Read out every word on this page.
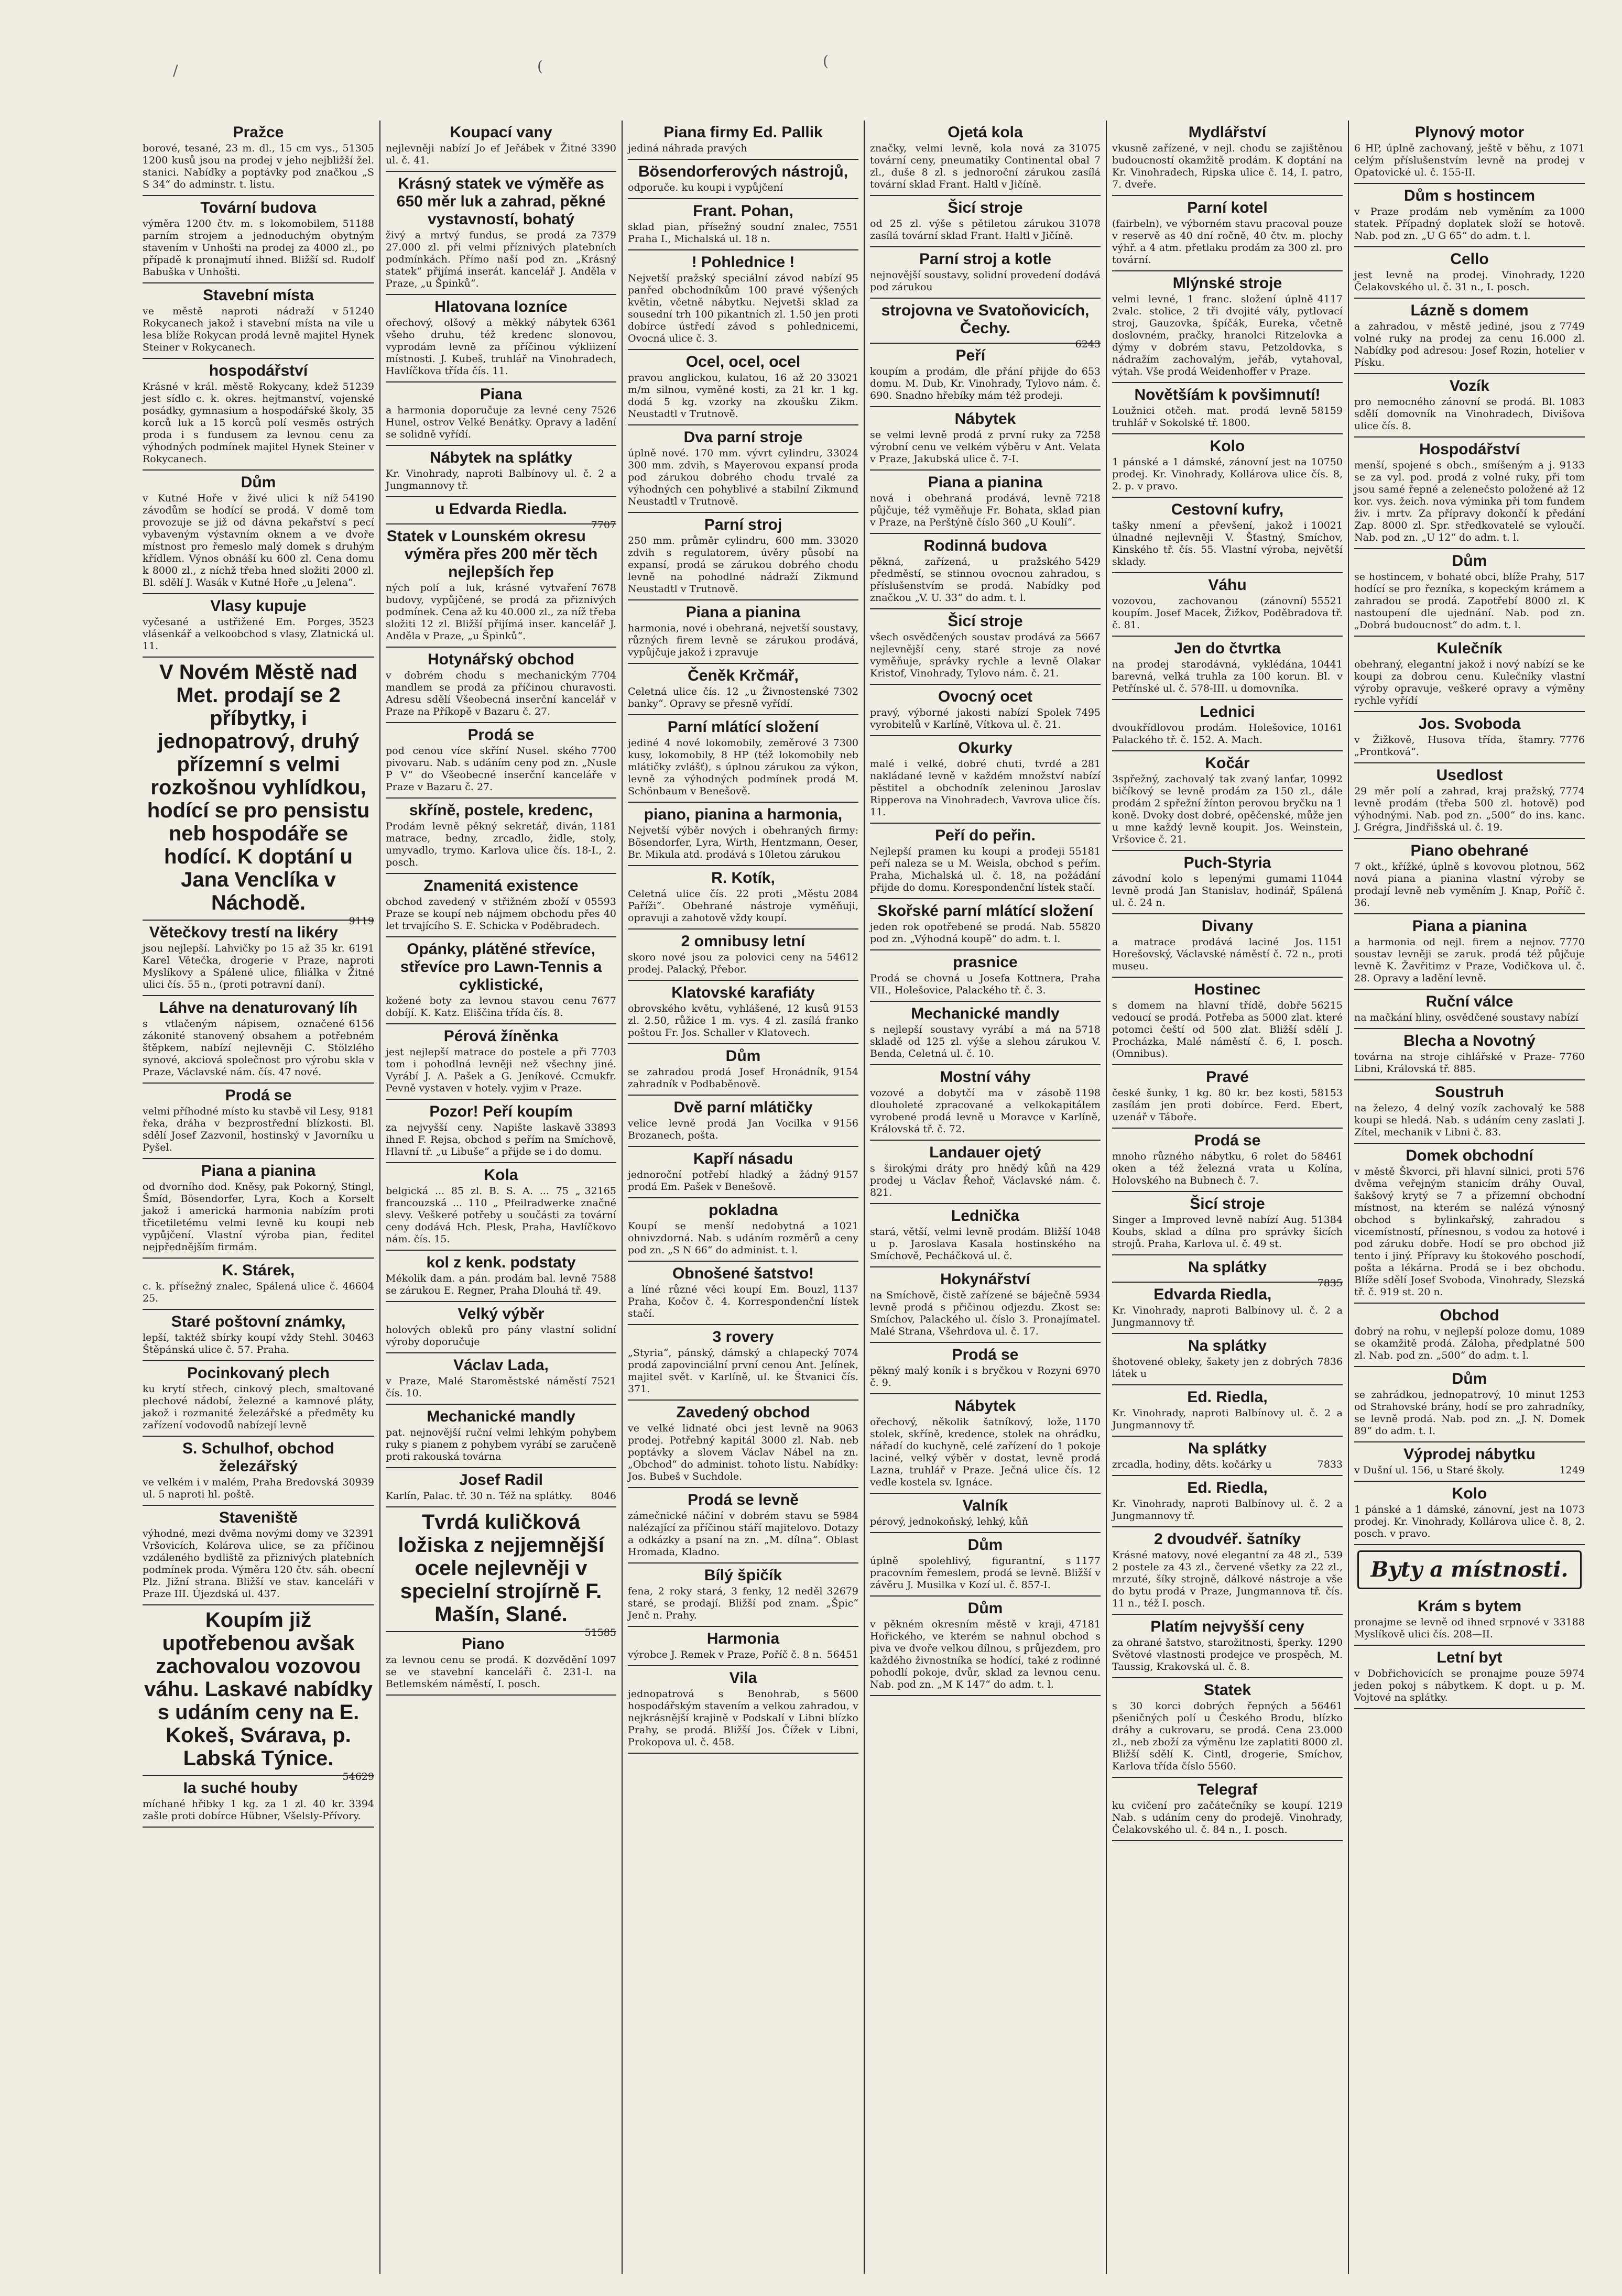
/	(	(
Pražce
51305
borové, tesané, 23 m. dl., 15 cm vys., 1200 kusů jsou na prodej v jeho nejbližší žel. stanici. Nabídky a poptávky pod značkou „S S 34“ do adminstr. t. listu.
Tovární budova
51188
výměra 1200 čtv. m. s lokomobilem, parním strojem a jednoduchým obytným stavením v Unhošti na prodej za 4000 zl., po případě k pronajmutí ihned. Bližší sd. Rudolf Babuška v Unhošti.
Stavební místa
51240
ve městě naproti nádraží v Rokycanech jakož i stavební místa na vile u lesa blíže Rokycan prodá levně majitel Hynek Steiner v Rokycanech.
hospodářství
51239
Krásné v král. městě Rokycany, kdež jest sídlo c. k. okres. hejtmanství, vojenské posádky, gymnasium a hospodářské školy, 35 korců luk a 15 korců polí vesměs ostrých proda i s fundusem za levnou cenu za výhodných podmínek majitel Hynek Steiner v Rokycanech.
Dům
54190
v Kutné Hoře v živé ulici k níž závodům se hodící se prodá. V domě tom provozuje se již od dávna pekařství s pecí vybaveným výstavním oknem a ve dvoře místnost pro řemeslo malý domek s druhým křídlem. Výnos obnáší ku 600 zl. Cena domu k 8000 zl., z níchž třeba hned složiti 2000 zl. Bl. sdělí J. Wasák v Kutné Hoře „u Jelena“.
Vlasy kupuje
3523
vyčesané a ustřižené Em. Porges, vlásenkář a velkoobchod s vlasy, Zlatnická ul. 11.
V Novém Městě nad Met. prodají se 2 příbytky, i jednopatrový, druhý přízemní s velmi rozkošnou vyhlídkou, hodící se pro pensistu neb hospodáře se hodící. K doptání u Jana Venclíka v Náchodě.
9119
Větečkovy trestí na likéry
6191
jsou nejlepší. Lahvičky po 15 až 35 kr. Karel Větečka, drogerie v Praze, naproti Myslíkovy a Spálené ulice, filiálka v Žitné ulici čís. 55 n., (proti potravní daní).
Láhve na denaturovaný líh
6156
s vtlačeným nápisem, označené zákonité stanovený obsahem a potřebném štěpkem, nabízí nejlevněji C. Stölzlého synové, akciová společnost pro výrobu skla v Praze, Václavské nám. čís. 47 nové.
Prodá se
9181
velmi příhodné místo ku stavbě vil Lesy, řeka, dráha v bezprostřední blízkosti. Bl. sdělí Josef Zazvonil, hostinský v Javorníku u Pyšel.
Piana a pianina
od dvorního dod. Kněsy, pak Pokorný, Stingl, Šmíd, Bösendorfer, Lyra, Koch a Korselt jakož i americká harmonia nabízím proti třicetiletému velmi levně ku koupi neb vypůjčení. Vlastní výroba pian, ředitel nejpřednějším firmám.
K. Stárek,
46604
c. k. přísežný znalec, Spálená ulice č. 25.
Staré poštovní známky,
30463
lepší, taktéž sbírky koupí vždy Stehl. Štěpánská ulice č. 57. Praha.
Pocinkovaný plech
ku krytí střech, cinkový plech, smaltované plechové nádobí, železné a kamnové pláty, jakož i rozmanité železářské a předměty ku zařízení vodovodů nabízejí levně
S. Schulhof, obchod železářský
30939
ve velkém i v malém, Praha Bredovská ul. 5 naproti hl. poště.
Staveniště
32391
výhodné, mezi dvěma novými domy ve Vršovicích, Kolárova ulice, se za příčinou vzdáleného bydliště za přiznivých platebních podmínek proda. Výměra 120 čtv. sáh. obecní Plz. Jižní strana. Bližší ve stav. kanceláři v Praze III. Újezdská ul. 437.
Koupím již upotřebenou avšak zachovalou vozovou váhu. Laskavé nabídky s udáním ceny na E. Kokeš, Svárava, p. Labská Týnice.
54629
Ia suché houby
3394
míchané hřibky 1 kg. za 1 zl. 40 kr. zašle proti dobírce Hübner, Všelsly-Přívory.
Koupací vany
3390
nejlevněji nabízí Jo ef Jeřábek v Žitné ul. č. 41.
Krásný statek ve výměře as 650 měr luk a zahrad, pěkné vystavností, bohatý
7379
živý a mrtvý fundus, se prodá za 27.000 zl. při velmi příznivých platebních podmínkách. Přímo naší pod zn. „Krásný statek“ přijímá inserát. kancelář J. Anděla v Praze, „u Špinků“.
Hlatovana lozníce
6361
ořechový, olšový a měkký nábytek všeho druhu, též kredenc slonovou, vyprodám levně za příčinou výkliizení místnosti. J. Kubeš, truhlář na Vinohradech, Havlíčkova třída čís. 11.
Piana
7526
a harmonia doporučuje za levné ceny Hunel, ostrov Velké Benátky. Opravy a ladění se solidně vyřídí.
Nábytek na splátky
Kr. Vinohrady, naproti Balbínovy ul. č. 2 a Jungmannovy tř.
u Edvarda Riedla.
7707
Statek v Lounském okresu výměra přes 200 měr těch nejlepších řep
7678
ných polí a luk, krásné vytvaření budovy, vypůjčené, se prodá za přiznivých podmínek. Cena až ku 40.000 zl., za níž třeba složiti 12 zl. Bližší přijímá inser. kancelář J. Anděla v Praze, „u Špinků“.
Hotynářský obchod
7704
v dobrém chodu s mechanickým mandlem se prodá za příčinou churavosti. Adresu sdělí Všeobecná inserční kancelář v Praze na Příkopě v Bazaru č. 27.
Prodá se
7700
pod cenou více skříní Nusel. ského pivovaru. Nab. s udáním ceny pod zn. „Nusle P V“ do Všeobecné inserční kanceláře v Praze v Bazaru č. 27.
skříně, postele, kredenc,
1181
Prodám levně pěkný sekretář, diván, matrace, bedny, zrcadlo, židle, stoly, umyvadlo, trymo. Karlova ulice čís. 18-I., 2. posch.
Znamenitá existence
05593
obchod zavedený v střižném zboží v Praze se koupí neb nájmem obchodu přes 40 let trvajícího S. E. Schicka v Poděbradech.
Opánky, plátěné střevíce, střevíce pro Lawn-Tennis a cyklistické,
7677
kožené boty za levnou stavou cenu dobíjí. K. Katz. Eliščina třída čís. 8.
Pérová žíněnka
7703
jest nejlepší matrace do postele a při tom i pohodlná levněji než všechny jiné. Vyrábí J. A. Pašek a G. Jeníkové. Ccmukfr. Pevně vystaven v hotely. vyjim v Praze.
Pozor! Peří koupím
33893
za nejvyšší ceny. Napište laskavě ihned F. Rejsa, obchod s peřím na Smíchově, Hlavní tř. „u Libuše“ a přijde se i do domu.
Kola
32165
belgická ... 85 zl. B. S. A. ... 75 „ francouzská ... 110 „ Pfeilradwerke značné slevy. Veškeré potřeby u součásti za tovární ceny dodává Hch. Plesk, Praha, Havlíčkovo nám. čís. 15.
kol z kenk. podstaty
7588
Mékolik dam. a pán. prodám bal. levně se zárukou E. Regner, Praha Dlouhá tř. 49.
Velký výběr
holových obleků pro pány vlastní solidní výroby doporučuje
Václav Lada,
7521
v Praze, Malé Staroměstské náměstí čís. 10.
Mechanické mandly
pat. nejnovější ruční velmi lehkým pohybem ruky s pianem z pohybem vyrábí se zaručeně proti rakouská továrna
Josef Radil
8046
Karlín, Palac. tř. 30 n. Též na splátky.
Tvrdá kuličková ložiska z nejjemnější ocele nejlevněji v specielní strojírně F. Mašín, Slané.
51585
Piano
1097
za levnou cenu se prodá. K dozvědění se ve stavební kanceláři č. 231-I. na Betlemském náměstí, I. posch.
Piana firmy Ed. Pallik
jediná náhrada pravých
Bösendorferových nástrojů,
odporuče. ku koupi i vypůjčení
Frant. Pohan,
7551
sklad pian, přísežný soudní znalec, Praha I., Michalská ul. 18 n.
! Pohlednice !
95
Nejvetší pražský speciální závod nabízí panřed obchodníkům 100 pravé výšených květin, včetně nábytku. Nejvetši sklad za sousední trh 100 pikantních zl. 1.50 jen proti dobírce ústředí závod s pohlednicemi, Ovocná ulice č. 3.
Ocel, ocel, ocel
33021
pravou anglickou, kulatou, 16 až 20 m/m silnou, vyměné kosti, za 21 kr. 1 kg. dodá 5 kg. vzorky na zkoušku Zikm. Neustadtl v Trutnově.
Dva parní stroje
33024
úplně nové. 170 mm. vývrt cylindru, 300 mm. zdvih, s Mayerovou expansí proda pod zárukou dobrého chodu trvalé za výhodných cen pohyblivé a stabilní Zikmund Neustadtl v Trutnově.
Parní stroj
33020
250 mm. průměr cylindru, 600 mm. zdvih s regulatorem, úvěry působí na expansí, prodá se zárukou dobrého chodu levně na pohodlné nádraží Zikmund Neustadtl v Trutnově.
Piana a pianina
harmonia, nové i obehraná, nejvetší soustavy, různých firem levně se zárukou prodává, vypůjčuje jakož i zpravuje
Čeněk Krčmář,
7302
Celetná ulice čís. 12 „u Živnostenské banky“. Opravy se přesně vyřídí.
Parní mlátící složení
7300
jediné 4 nové lokomobily, zeměrové 3 kusy, lokomobily, 8 HP (též lokomobily neb mlátičky zvlášť), s úplnou zárukou za výkon, levně za výhodných podmínek prodá M. Schönbaum v Benešově.
piano, pianina a harmonia,
Nejvetší výběr nových i obehraných firmy: Bösendorfer, Lyra, Wirth, Hentzmann, Oeser, Br. Mikula atd. prodává s 10letou zárukou
R. Kotík,
2084
Celetná ulice čís. 22 proti „Městu Paříži“. Obehrané nástroje vyměňuji, opravuji a zahotově vždy koupí.
2 omnibusy letní
54612
skoro nové jsou za polovici ceny na prodej. Palacký, Přebor.
Klatovské karafiáty
9153
obrovského květu, vyhlášené, 12 kusů zl. 2.50, růžice 1 m. vys. 4 zl. zasílá franko poštou Fr. Jos. Schaller v Klatovech.
Dům
9154
se zahradou prodá Josef Hronádník, zahradník v Podbaběnově.
Dvě parní mlátičky
9156
velice levně prodá Jan Vocilka v Brozanech, pošta.
Kapří násadu
9157
jednoroční potřebí hladký a žádný prodá Em. Pašek v Benešově.
pokladna
1021
Koupí se menší nedobytná a ohnivzdorná. Nab. s udáním rozměrů a ceny pod zn. „S N 66“ do administ. t. l.
Obnošené šatstvo!
1137
a líné různé věci koupí Em. Bouzl, Praha, Kočov č. 4. Korrespondenční lístek stačí.
3 rovery
7074
„Styria“, pánský, dámský a chlapecký prodá zapovinciální první cenou Ant. Jelínek, majitel svět. v Karlíně, ul. ke Štvanici čís. 371.
Zavedený obchod
9063
ve velké lidnaté obci jest levně na prodej. Potřebný kapitál 3000 zl. Nab. neb poptávky a slovem Václav Nábel na zn. „Obchod“ do administ. tohoto listu. Nabídky: Jos. Bubeš v Suchdole.
Prodá se levně
5984
zámečnické náčiní v dobrém stavu se nalézající za příčinou stáří majitelovo. Dotazy a odkázky a psaní na zn. „M. dílna“. Oblast Hromada, Kladno.
Bílý špičík
32679
fena, 2 roky stará, 3 fenky, 12 neděl staré, se prodají. Bližší pod znam. „Špic“ Jenč n. Prahy.
Harmonia
56451
výrobce J. Remek v Praze, Poříč č. 8 n.
Vila
5600
jednopatrová s Benohrab, s hospodářským stavením a velkou zahradou, v nejkrásnější krajině v Podskalí v Libni blízko Prahy, se prodá. Bližší Jos. Čížek v Libni, Prokopova ul. č. 458.
Ojetá kola
31075
značky, velmi levně, kola nová za tovární ceny, pneumatiky Continental obal 7 zl., duše 8 zl. s jednoroční zárukou zasílá tovární sklad Frant. Haltl v Jičíně.
Šicí stroje
31078
od 25 zl. výše s pětiletou zárukou zasílá tovární sklad Frant. Haltl v Jičíně.
Parní stroj a kotle
nejnovější soustavy, solidní provedení dodává pod zárukou
strojovna ve Svatoňovicích, Čechy.
6243
Peří
653
koupím a prodám, dle přání přijde do domu. M. Dub, Kr. Vinohrady, Tylovo nám. č. 690. Snadno hřebíky mám též prodeji.
Nábytek
7258
se velmi levně prodá z první ruky za výrobní cenu ve velkém výběru v Ant. Velata v Praze, Jakubská ulice č. 7-I.
Piana a pianina
7218
nová i obehraná prodává, levně půjčuje, též vyměňuje Fr. Bohata, sklad pian v Praze, na Perštýně číslo 360 „U Koulí“.
Rodinná budova
5429
pěkná, zařízená, u pražského předměstí, se stinnou ovocnou zahradou, s příslušenstvím se prodá. Nabídky pod značkou „V. U. 33“ do adm. t. l.
Šicí stroje
5667
všech osvědčených soustav prodává za nejlevnější ceny, staré stroje za nové vyměňuje, správky rychle a levně Olakar Kristof, Vinohrady, Tylovo nám. č. 21.
Ovocný ocet
7495
pravý, výborné jakosti nabízí Spolek vyrobitelů v Karlíně, Vítkova ul. č. 21.
Okurky
281
malé i velké, dobré chuti, tvrdé a nakládané levně v každém množství nabízí pěstitel a obchodník zeleninou Jaroslav Ripperova na Vinohradech, Vavrova ulice čís. 11.
Peří do peřin.
55181
Nejlepší pramen ku koupi a prodeji peří naleza se u M. Weisla, obchod s peřím. Praha, Michalská ul. č. 18, na požádání přijde do domu. Korespondenční lístek stačí.
Skořské parní mlátící složení
55820
jeden rok opotřebené se prodá. Nab. pod zn. „Výhodná koupě“ do adm. t. l.
prasnice
Prodá se chovná u Josefa Kottnera, Praha VII., Holešovice, Palackého tř. č. 3.
Mechanické mandly
5718
s nejlepší soustavy vyrábí a má na skladě od 125 zl. výše a slehou zárukou V. Benda, Celetná ul. č. 10.
Mostní váhy
1198
vozové a dobytčí ma v zásobě dlouholeté zpracované a velkokapitálem vyrobené prodá levně u Moravce v Karlíně, Královská tř. č. 72.
Landauer ojetý
429
s širokými dráty pro hnědý kůň na prodej u Václav Řehoř, Václavské nám. č. 821.
Lednička
1048
stará, větší, velmi levně prodám. Bližší u p. Jaroslava Kasala hostinského na Smíchově, Pecháčková ul. č.
Hokynářství
5934
na Smíchově, čistě zařízené se báječně levně prodá s přičinou odjezdu. Zkost se: Smíchov, Palackého ul. číslo 3. Pronajímatel. Malé Strana, Všehrdova ul. č. 17.
Prodá se
6970
pěkný malý koník i s bryčkou v Rozyni č. 9.
Nábytek
1170
ořechový, několik šatníkový, lože, stolek, skříně, kredence, stolek na ohrádku, nářadí do kuchyně, celé zařízení do 1 pokoje laciné, velký výběr v dostat, levně prodá Lazna, truhlář v Praze. Ječná ulice čís. 12 vedle kostela sv. Ignáce.
Valník
pérový, jednokoňský, lehký, kůň
Dům
1177
úplně spolehlivý, figurantní, s pracovním řemeslem, prodá se levně. Bližší v závěru J. Musilka v Kozí ul. č. 857-I.
Dům
47181
v pěkném okresním městě v kraji, Hořického, ve kterém se nahnul obchod s piva ve dvoře velkou dílnou, s průjezdem, pro každého živnostníka se hodící, také z rodinné pohodlí pokoje, dvůr, sklad za levnou cenu. Nab. pod zn. „M K 147“ do adm. t. l.
Mydlářství
vkusně zařízené, v nejl. chodu se zajištěnou budoucností okamžitě prodám. K doptání na Kr. Vinohradech, Ripska ulice č. 14, I. patro, 7. dveře.
Parní kotel
(fairbeln), ve výborném stavu pracoval pouze v reservě as 40 dní ročně, 40 čtv. m. plochy výhř. a 4 atm. přetlaku prodám za 300 zl. pro tovární.
Mlýnské stroje
4117
velmi levné, 1 franc. složení úplně 2valc. stolice, 2 tři dvojité vály, pytlovací stroj, Gauzovka, špíčák, Eureka, včetně doslovném, pračky, hranolci Ritzelovka a dýmy v dobrém stavu, Petzoldovka, s nádražím zachovalým, jeřáb, vytahoval, výtah. Vše prodá Weidenhoffer v Praze.
Novětšíám k povšimnutí!
58159
Loužnici otčeh. mat. prodá levně truhlář v Sokolské tř. 1800.
Kolo
10750
1 pánské a 1 dámské, zánovní jest na prodej. Kr. Vinohrady, Kollárova ulice čís. 8, 2. p. v pravo.
Cestovní kufry,
10021
tašky nmení a převšení, jakož i úlnadné nejlevněji V. Šťastný, Smíchov, Kinského tř. čís. 55. Vlastní výroba, největší sklady.
Váhu
55521
vozovou, zachovanou (zánovní) koupím. Josef Macek, Žižkov, Poděbradova tř. č. 81.
Jen do čtvrtka
10441
na prodej starodávná, vyklédána, barevná, velká truhla za 100 korun. Bl. v Petřínské ul. č. 578-III. u domovníka.
Lednici
10161
dvoukřídlovou prodám. Holešovice, Palackého tř. č. 152. A. Mach.
Kočár
10992
3spřežný, zachovalý tak zvaný lanťar, bičíkový se levně prodám za 150 zl., dále prodám 2 spřežní žínton perovou bryčku na 1 koně. Dvoky dost dobré, opěčenské, může jen u mne každý levně koupit. Jos. Weinstein, Vršovice č. 21.
Puch-Styria
11044
závodní kolo s lepenými gumami levně prodá Jan Stanislav, hodinář, Spálená ul. č. 24 n.
Divany
1151
a matrace prodává laciné Jos. Horešovský, Václavské náměstí č. 72 n., proti museu.
Hostinec
56215
s domem na hlavní třídě, dobře vedoucí se prodá. Potřeba as 5000 zlat. které potomci čeští od 500 zlat. Bližší sdělí J. Procházka, Malé náměstí č. 6, I. posch. (Omnibus).
Pravé
58153
české šunky, 1 kg. 80 kr. bez kosti, zasílám jen proti dobírce. Ferd. Ebert, uzenář v Táboře.
Prodá se
58461
mnoho různého nábytku, 6 rolet do oken a též železná vrata u Kolína, Holovského na Bubnech č. 7.
Šicí stroje
51384
Singer a Improved levně nabízí Aug. Koubs, sklad a dílna pro správky šicích strojů. Praha, Karlova ul. č. 49 st.
Na splátky
7835
Edvarda Riedla,
Kr. Vinohrady, naproti Balbínovy ul. č. 2 a Jungmannovy tř.
Na splátky
7836
šhotovené obleky, šakety jen z dobrých látek u
Ed. Riedla,
Kr. Vinohrady, naproti Balbínovy ul. č. 2 a Jungmannovy tř.
Na splátky
7833
zrcadla, hodiny, děts. kočárky u
Ed. Riedla,
Kr. Vinohrady, naproti Balbínovy ul. č. 2 a Jungmannovy tř.
2 dvoudvéř. šatníky
539
Krásné matovy, nové elegantní za 48 zl., 2 postele za 43 zl., červené všetky za 22 zl., mrzuté, šíky strojně, dálkové nástroje a vše do bytu prodá v Praze, Jungmannova tř. čís. 11 n., též I. posch.
Platím nejvyšší ceny
1290
za ohrané šatstvo, starožitnosti, šperky. Světové vlastnosti prodejce ve prospěch, M. Taussig, Krakovská ul. č. 8.
Statek
56461
s 30 korci dobrých řepných a pšeničných polí u Českého Brodu, blízko dráhy a cukrovaru, se prodá. Cena 23.000 zl., neb zboží za výměnu lze zaplatiti 8000 zl. Bližší sdělí K. Cintl, drogerie, Smíchov, Karlova třída číslo 5560.
Telegraf
1219
ku cvičení pro začátečníky se koupí. Nab. s udáním ceny do prodejě. Vinohrady, Čelakovského ul. č. 84 n., I. posch.
Plynový motor
1071
6 HP, úplně zachovaný, ještě v běhu, z celým příslušenstvím levně na prodej v Opatovické ul. č. 155-II.
Dům s hostincem
1000
v Praze prodám neb vyměním za statek. Případný doplatek složí se hotově. Nab. pod zn. „U G 65“ do adm. t. l.
Cello
1220
jest levně na prodej. Vinohrady, Čelakovského ul. č. 31 n., I. posch.
Lázně s domem
7749
a zahradou, v městě jediné, jsou z volné ruky na prodej za cenu 16.000 zl. Nabídky pod adresou: Josef Rozin, hotelier v Písku.
Vozík
1083
pro nemocného zánovní se prodá. Bl. sdělí domovník na Vinohradech, Divišova ulice čís. 8.
Hospodářství
9133
menší, spojené s obch., smíšeným a j. se za vyl. pod. prodá z volné ruky, při tom jsou samé řepné a zelenečsto položené až 12 kor. vys. žeich. nova výminka při tom fundem živ. i mrtv. Za přípravy dokončí k předání Zap. 8000 zl. Spr. středkovatelé se vyloučí. Nab. pod zn. „U 12“ do adm. t. l.
Dům
517
se hostincem, v bohaté obci, blíže Prahy, hodící se pro řezníka, s kopeckým krámem a zahradou se prodá. Zapotřebí 8000 zl. K nastoupení dle ujednání. Nab. pod zn. „Dobrá budoucnost“ do adm. t. l.
Kulečník
obehraný, elegantní jakož i nový nabízí se ke koupi za dobrou cenu. Kulečníky vlastní výroby opravuje, veškeré opravy a výměny rychle vyřídí
Jos. Svoboda
7776
v Žižkově, Husova třída, štamry. „Prontková“.
Usedlost
7774
29 měr polí a zahrad, kraj pražský, levně prodám (třeba 500 zl. hotově) pod výhodnými. Nab. pod zn. „500“ do ins. kanc. J. Grégra, Jindřišská ul. č. 19.
Piano obehrané
562
7 okt., křížké, úplně s kovovou plotnou, nová piana a pianina vlastní výroby se prodají levně neb vyměním J. Knap, Poříč č. 36.
Piana a pianina
7770
a harmonia od nejl. firem a nejnov. soustav levněji se zaruk. prodá též půjčuje levně K. Žavřitimz v Praze, Vodičkova ul. č. 28. Opravy a ladění levně.
Ruční válce
na mačkání hliny, osvědčené soustavy nabízí
Blecha a Novotný
7760
továrna na stroje cihlářské v Praze-Libni, Královská tř. 885.
Soustruh
588
na železo, 4 delný vozík zachovalý ke koupi se hledá. Nab. s udáním ceny zaslati J. Zítel, mechanik v Libni č. 83.
Domek obchodní
576
v městě Škvorci, při hlavní silnici, proti dvěma veřejným stanicím dráhy Ouval, šakšový krytý se 7 a přízemní obchodní místnost, na kterém se nalézá výnosný obchod s bylinkařský, zahradou s vicemístností, přínesnou, s vodou za hotové i pod záruku dobře. Hodí se pro obchod již tento i jiný. Přípravy ku štokového poschodí, pošta a lékárna. Prodá se i bez obchodu. Blíže sdělí Josef Svoboda, Vinohrady, Slezská tř. č. 919 st. 20 n.
Obchod
1089
dobrý na rohu, v nejlepší poloze domu, se okamžitě prodá. Záloha, předplatné 500 zl. Nab. pod zn. „500“ do adm. t. l.
Dům
1253
se zahrádkou, jednopatrový, 10 minut od Strahovské brány, hodí se pro zahradníky, se levně prodá. Nab. pod zn. „J. N. Domek 89“ do adm. t. l.
Výprodej nábytku
1249
v Dušní ul. 156, u Staré školy.
Kolo
1073
1 pánské a 1 dámské, zánovní, jest na prodej. Kr. Vinohrady, Kollárova ulice č. 8, 2. posch. v pravo.
Byty a místnosti.
Krám s bytem
33188
pronajme se levně od ihned srpnové v Myslíkově ulici čís. 208—II.
Letní byt
5974
v Dobřichovicích se pronajme pouze jeden pokoj s nábytkem. K dopt. u p. M. Vojtové na splátky.
